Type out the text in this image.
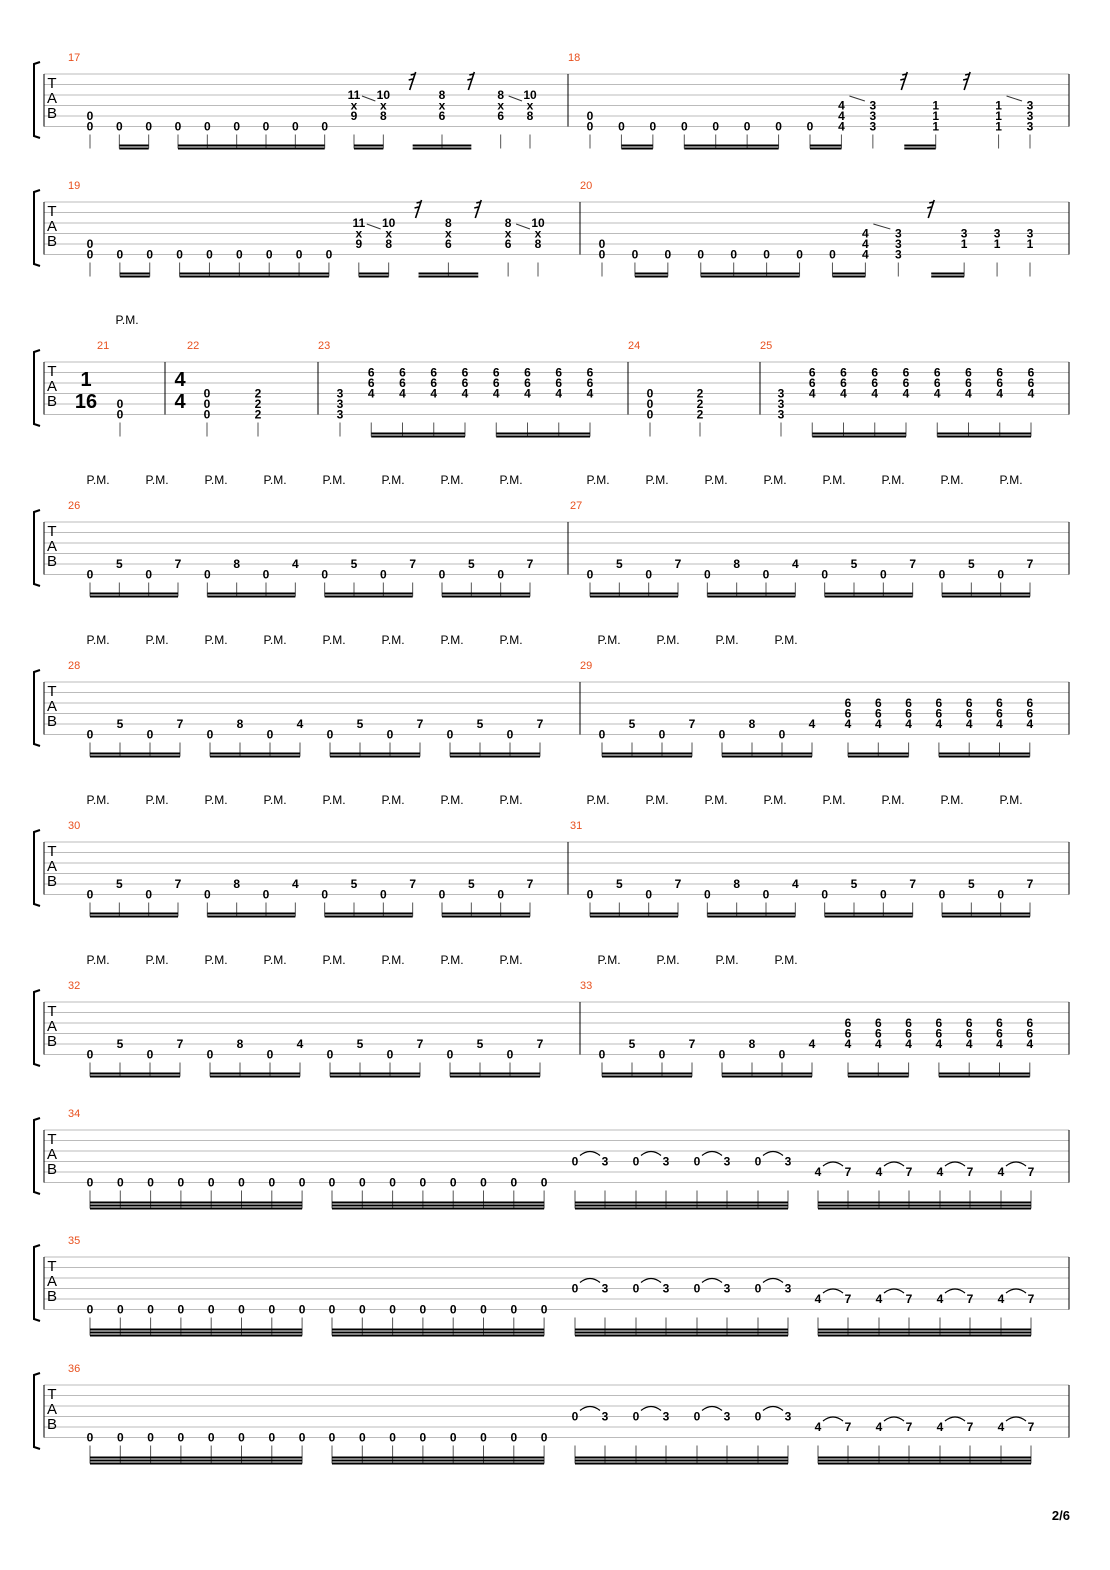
T
A
B
17
0
0 0 0 0 0 0 0 0 0
11
x
9
10
x
8
8
x
6
8
x
6
10
x
8
18
0
0 0 0 0 0 0 0 0
4
4
4
3
3
3
1
1
1
1
1
1
3
3
3
T
A
B
19
0
0 0 0 0 0 0 0 0 0
11
x
9
10
x
8
8
x
6
8
x
6
10
x
8
20
0
0 0 0 0 0 0 0 0
4
4
4
3
3
3
3
1
3
1
3
1
T
A
B
21
1
16
P.M.
0
0
22
4
4 0
0
0
2
2
2
23
3
3
3
6
6
4
6
6
4
6
6
4
6
6
4
6
6
4
6
6
4
6
6
4
6
6
4
24
0
0
0
2
2
2
25
3
3
3
6
6
4
6
6
4
6
6
4
6
6
4
6
6
4
6
6
4
6
6
4
6
6
4
T
A
B
26
0
5
0
7
0
8
0
4
0
5
0
7
0
5
0
7
P.M.	P.M.	P.M.	P.M.	P.M.	P.M.	P.M.	P.M.
27
0
5
0
7
0
8
0
4
0
5
0
7
0
5
0
7
P.M.	P.M.	P.M.	P.M.	P.M.	P.M.	P.M.	P.M.
T
A
B
28
0
5
0
7
0
8
0
4
0
5
0
7
0
5
0
7
P.M.	P.M.	P.M.	P.M.	P.M.	P.M.	P.M.	P.M.
29
0
5
0
7
0
8
0
4
P.M.	P.M.	P.M.	P.M.
6
6
4
6
6
4
6
6
4
6
6
4
6
6
4
6
6
4
6
6
4
T
A
B
30
0
5
0
7
0
8
0
4
0
5
0
7
0
5
0
7
P.M.	P.M.	P.M.	P.M.	P.M.	P.M.	P.M.	P.M.
31
0
5
0
7
0
8
0
4
0
5
0
7
0
5
0
7
P.M.	P.M.	P.M.	P.M.	P.M.	P.M.	P.M.	P.M.
T
A
B
32
0
5
0
7
0
8
0
4
0
5
0
7
0
5
0
7
P.M.	P.M.	P.M.	P.M.	P.M.	P.M.	P.M.	P.M.
33
0
5
0
7
0
8
0
4
P.M.	P.M.	P.M.	P.M.
6
6
4
6
6
4
6
6
4
6
6
4
6
6
4
6
6
4
6
6
4
T
A
B
34
0 0 0 0 0 0 0 0 0 0 0 0 0 0 0 0
0 3 0 3 0 3 0 3
4 7 4 7 4 7 4 7
T
A
B
35
0 0 0 0 0 0 0 0 0 0 0 0 0 0 0 0
0 3 0 3 0 3 0 3
4 7 4 7 4 7 4 7
T
A
B
36
0 0 0 0 0 0 0 0 0 0 0 0 0 0 0 0
0 3 0 3 0 3 0 3
4 7 4 7 4 7 4 7
2/6
